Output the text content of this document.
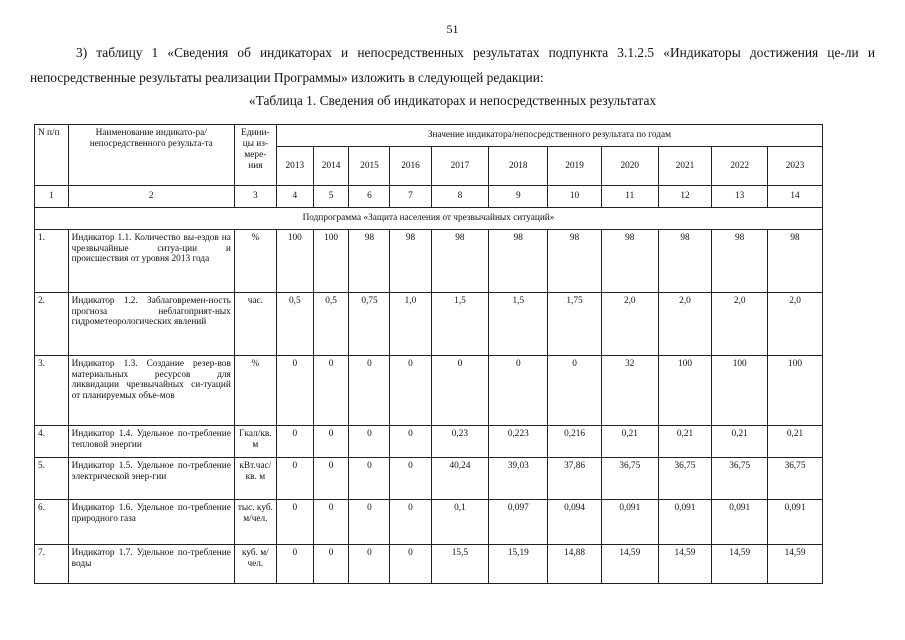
51
3) таблицу 1 «Сведения об индикаторах и непосредственных результатах подпункта 3.1.2.5 «Индикаторы достижения це-ли и непосредственные результаты реализации Программы» изложить в следующей редакции:
«Таблица 1. Сведения об индикаторах и непосредственных результатах
N п/п	Наименование индикато-ра/непосредственного результа-та	Едини-цы из-мере-ния	Значение индикатора/непосредственного результата по годам										
			2013	2014	2015	2016	2017	2018	2019	2020	2021	2022	2023
1	2	3	4	5	6	7	8	9	10	11	12	13	14
Подпрограмма «Защита населения от чрезвычайных ситуаций»													
1.	Индикатор 1.1. Количество вы-ездов на чрезвычайные ситуа-ции и происшествия от уровня 2013 года	%	100	100	98	98	98	98	98	98	98	98	98
2.	Индикатор 1.2. Заблаговремен-ность прогноза неблагоприят-ных гидрометеорологических явлений	час.	0,5	0,5	0,75	1,0	1,5	1,5	1,75	2,0	2,0	2,0	2,0
3.	Индикатор 1.3. Создание резер-вов материальных ресурсов для ликвидации чрезвычайных си-туаций от планируемых объе-мов	%	0	0	0	0	0	0	0	32	100	100	100
4.	Индикатор 1.4. Удельное по-требление тепловой энергии	Гкал/кв. м	0	0	0	0	0,23	0,223	0,216	0,21	0,21	0,21	0,21
5.	Индикатор 1.5. Удельное по-требление электрической энер-гии	кВт.час/кв. м	0	0	0	0	40,24	39,03	37,86	36,75	36,75	36,75	36,75
6.	Индикатор 1.6. Удельное по-требление природного газа	тыс. куб. м/чел.	0	0	0	0	0,1	0,097	0,094	0,091	0,091	0,091	0,091
7.	Индикатор 1.7. Удельное по-требление воды	куб. м/чел.	0	0	0	0	15,5	15,19	14,88	14,59	14,59	14,59	14,59
